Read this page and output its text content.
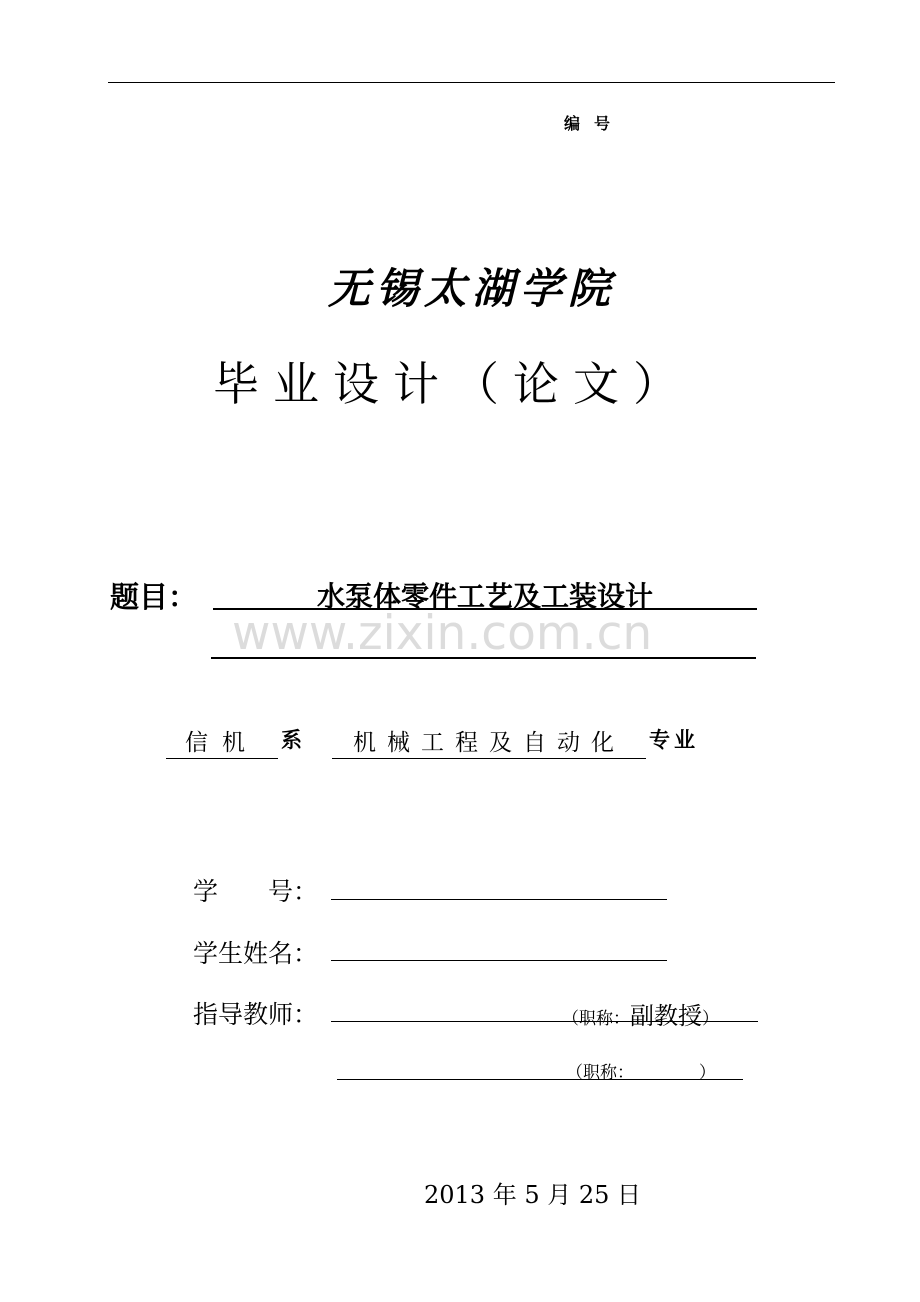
编号
无锡太湖学院
毕业设计（论文）
题目：	水泵体零件工艺及工装设计
www.zixin.com.cn
信机	系	机械工程及自动化	专业
学　　号：
学生姓名：
指导教师：	（职称：副教授）
（职称：　　　　 ）
2013 年 5 月 25 日
